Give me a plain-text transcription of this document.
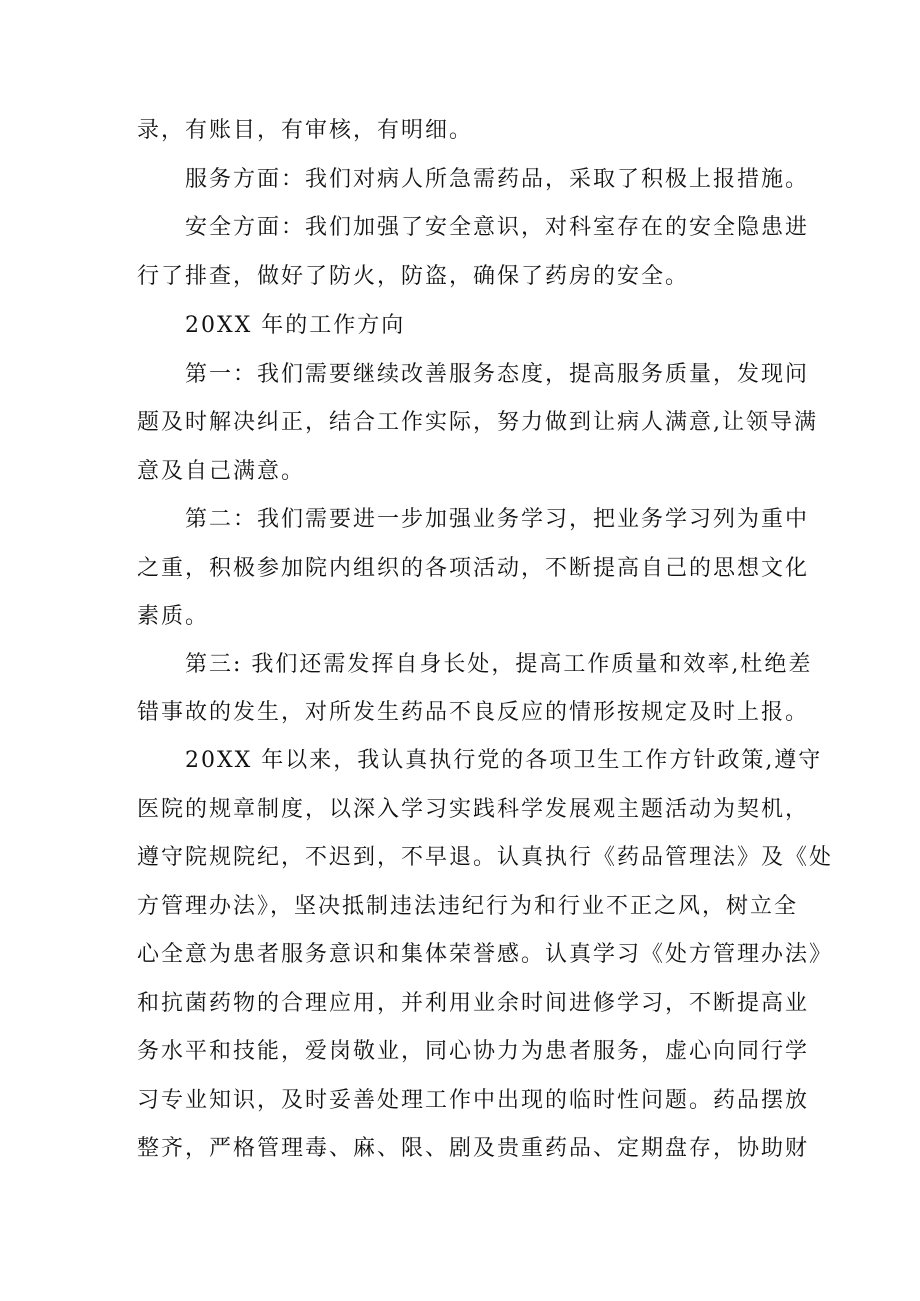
录，有账目，有审核，有明细。
服务方面：我们对病人所急需药品，采取了积极上报措施。
安全方面：我们加强了安全意识，对科室存在的安全隐患进
行了排查，做好了防火，防盗，确保了药房的安全。
20XX 年的工作方向
第一：我们需要继续改善服务态度，提高服务质量，发现问
题及时解决纠正，结合工作实际，努力做到让病人满意,让领导满
意及自己满意。
第二：我们需要进一步加强业务学习，把业务学习列为重中
之重，积极参加院内组织的各项活动，不断提高自己的思想文化
素质。
第三: 我们还需发挥自身长处，提高工作质量和效率,杜绝差
错事故的发生，对所发生药品不良反应的情形按规定及时上报。
20XX 年以来，我认真执行党的各项卫生工作方针政策,遵守
医院的规章制度，以深入学习实践科学发展观主题活动为契机，
遵守院规院纪，不迟到，不早退。认真执行《药品管理法》及《处
方管理办法》，坚决抵制违法违纪行为和行业不正之风，树立全
心全意为患者服务意识和集体荣誉感。认真学习《处方管理办法》
和抗菌药物的合理应用，并利用业余时间进修学习，不断提高业
务水平和技能，爱岗敬业，同心协力为患者服务，虚心向同行学
习专业知识，及时妥善处理工作中出现的临时性问题。药品摆放
整齐，严格管理毒、麻、限、剧及贵重药品、定期盘存，协助财
